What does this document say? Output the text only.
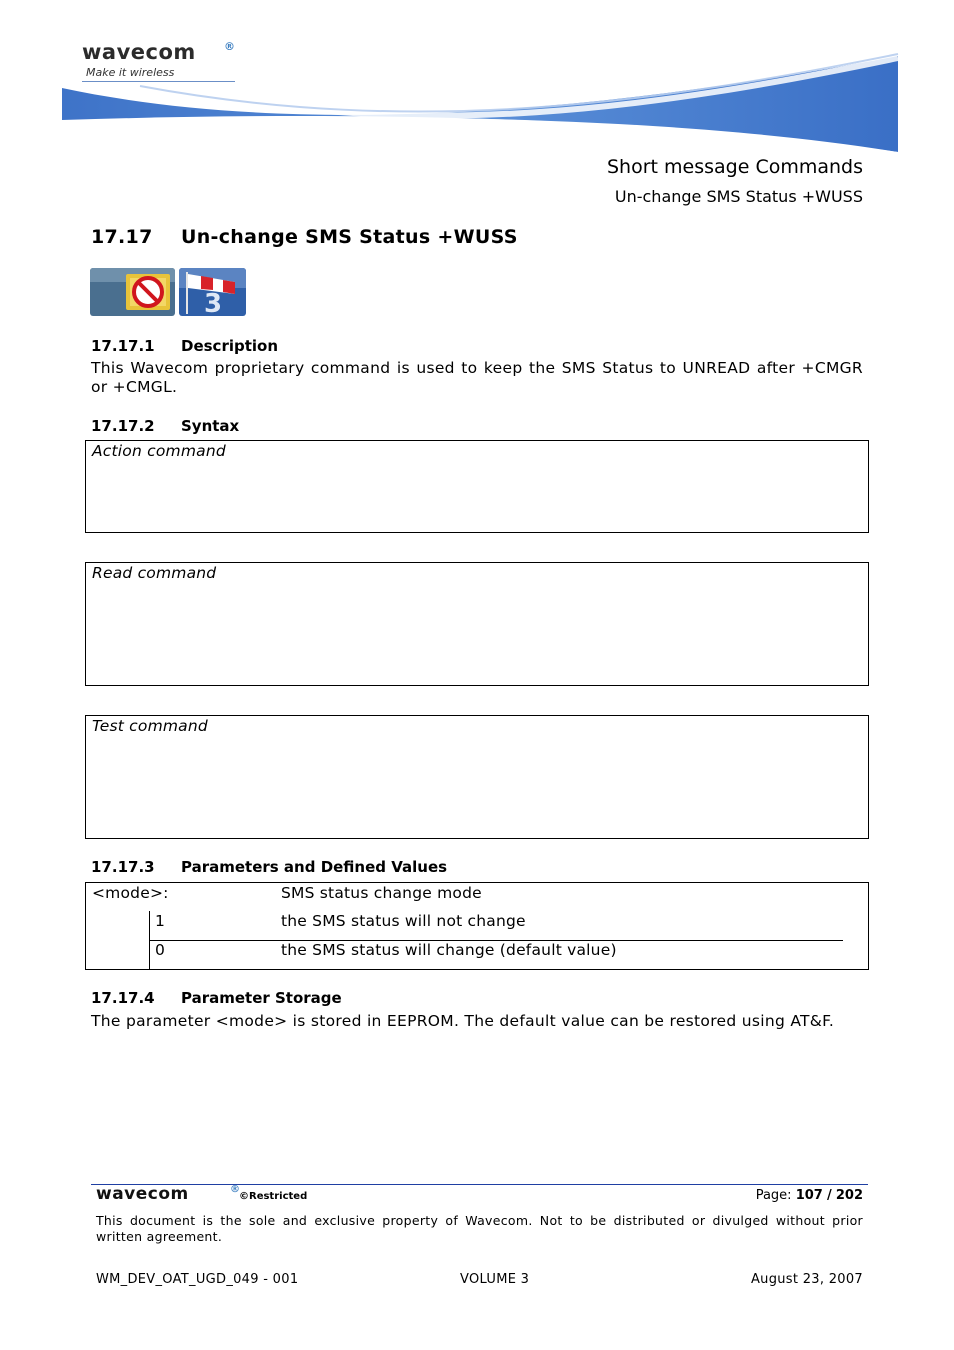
wavecom	®
Make it wireless
Short message Commands
Un-change SMS Status +WUSS
17.17 Un-change SMS Status +WUSS
3
17.17.1 Description
This Wavecom proprietary command is used to keep the SMS Status to UNREAD after +CMGR or +CMGL.
17.17.2 Syntax
Action command
Read command
Test command
17.17.3 Parameters and Defined Values
<mode>:	SMS status change mode
1	the SMS status will not change
0	the SMS status will change (default value)
17.17.4 Parameter Storage
The parameter <mode> is stored in EEPROM. The default value can be restored using AT&F.
wavecom	®
©Restricted	Page: 107 / 202
This document is the sole and exclusive property of Wavecom. Not to be distributed or divulged without prior written agreement.
WM_DEV_OAT_UGD_049 - 001	VOLUME 3	August 23, 2007
